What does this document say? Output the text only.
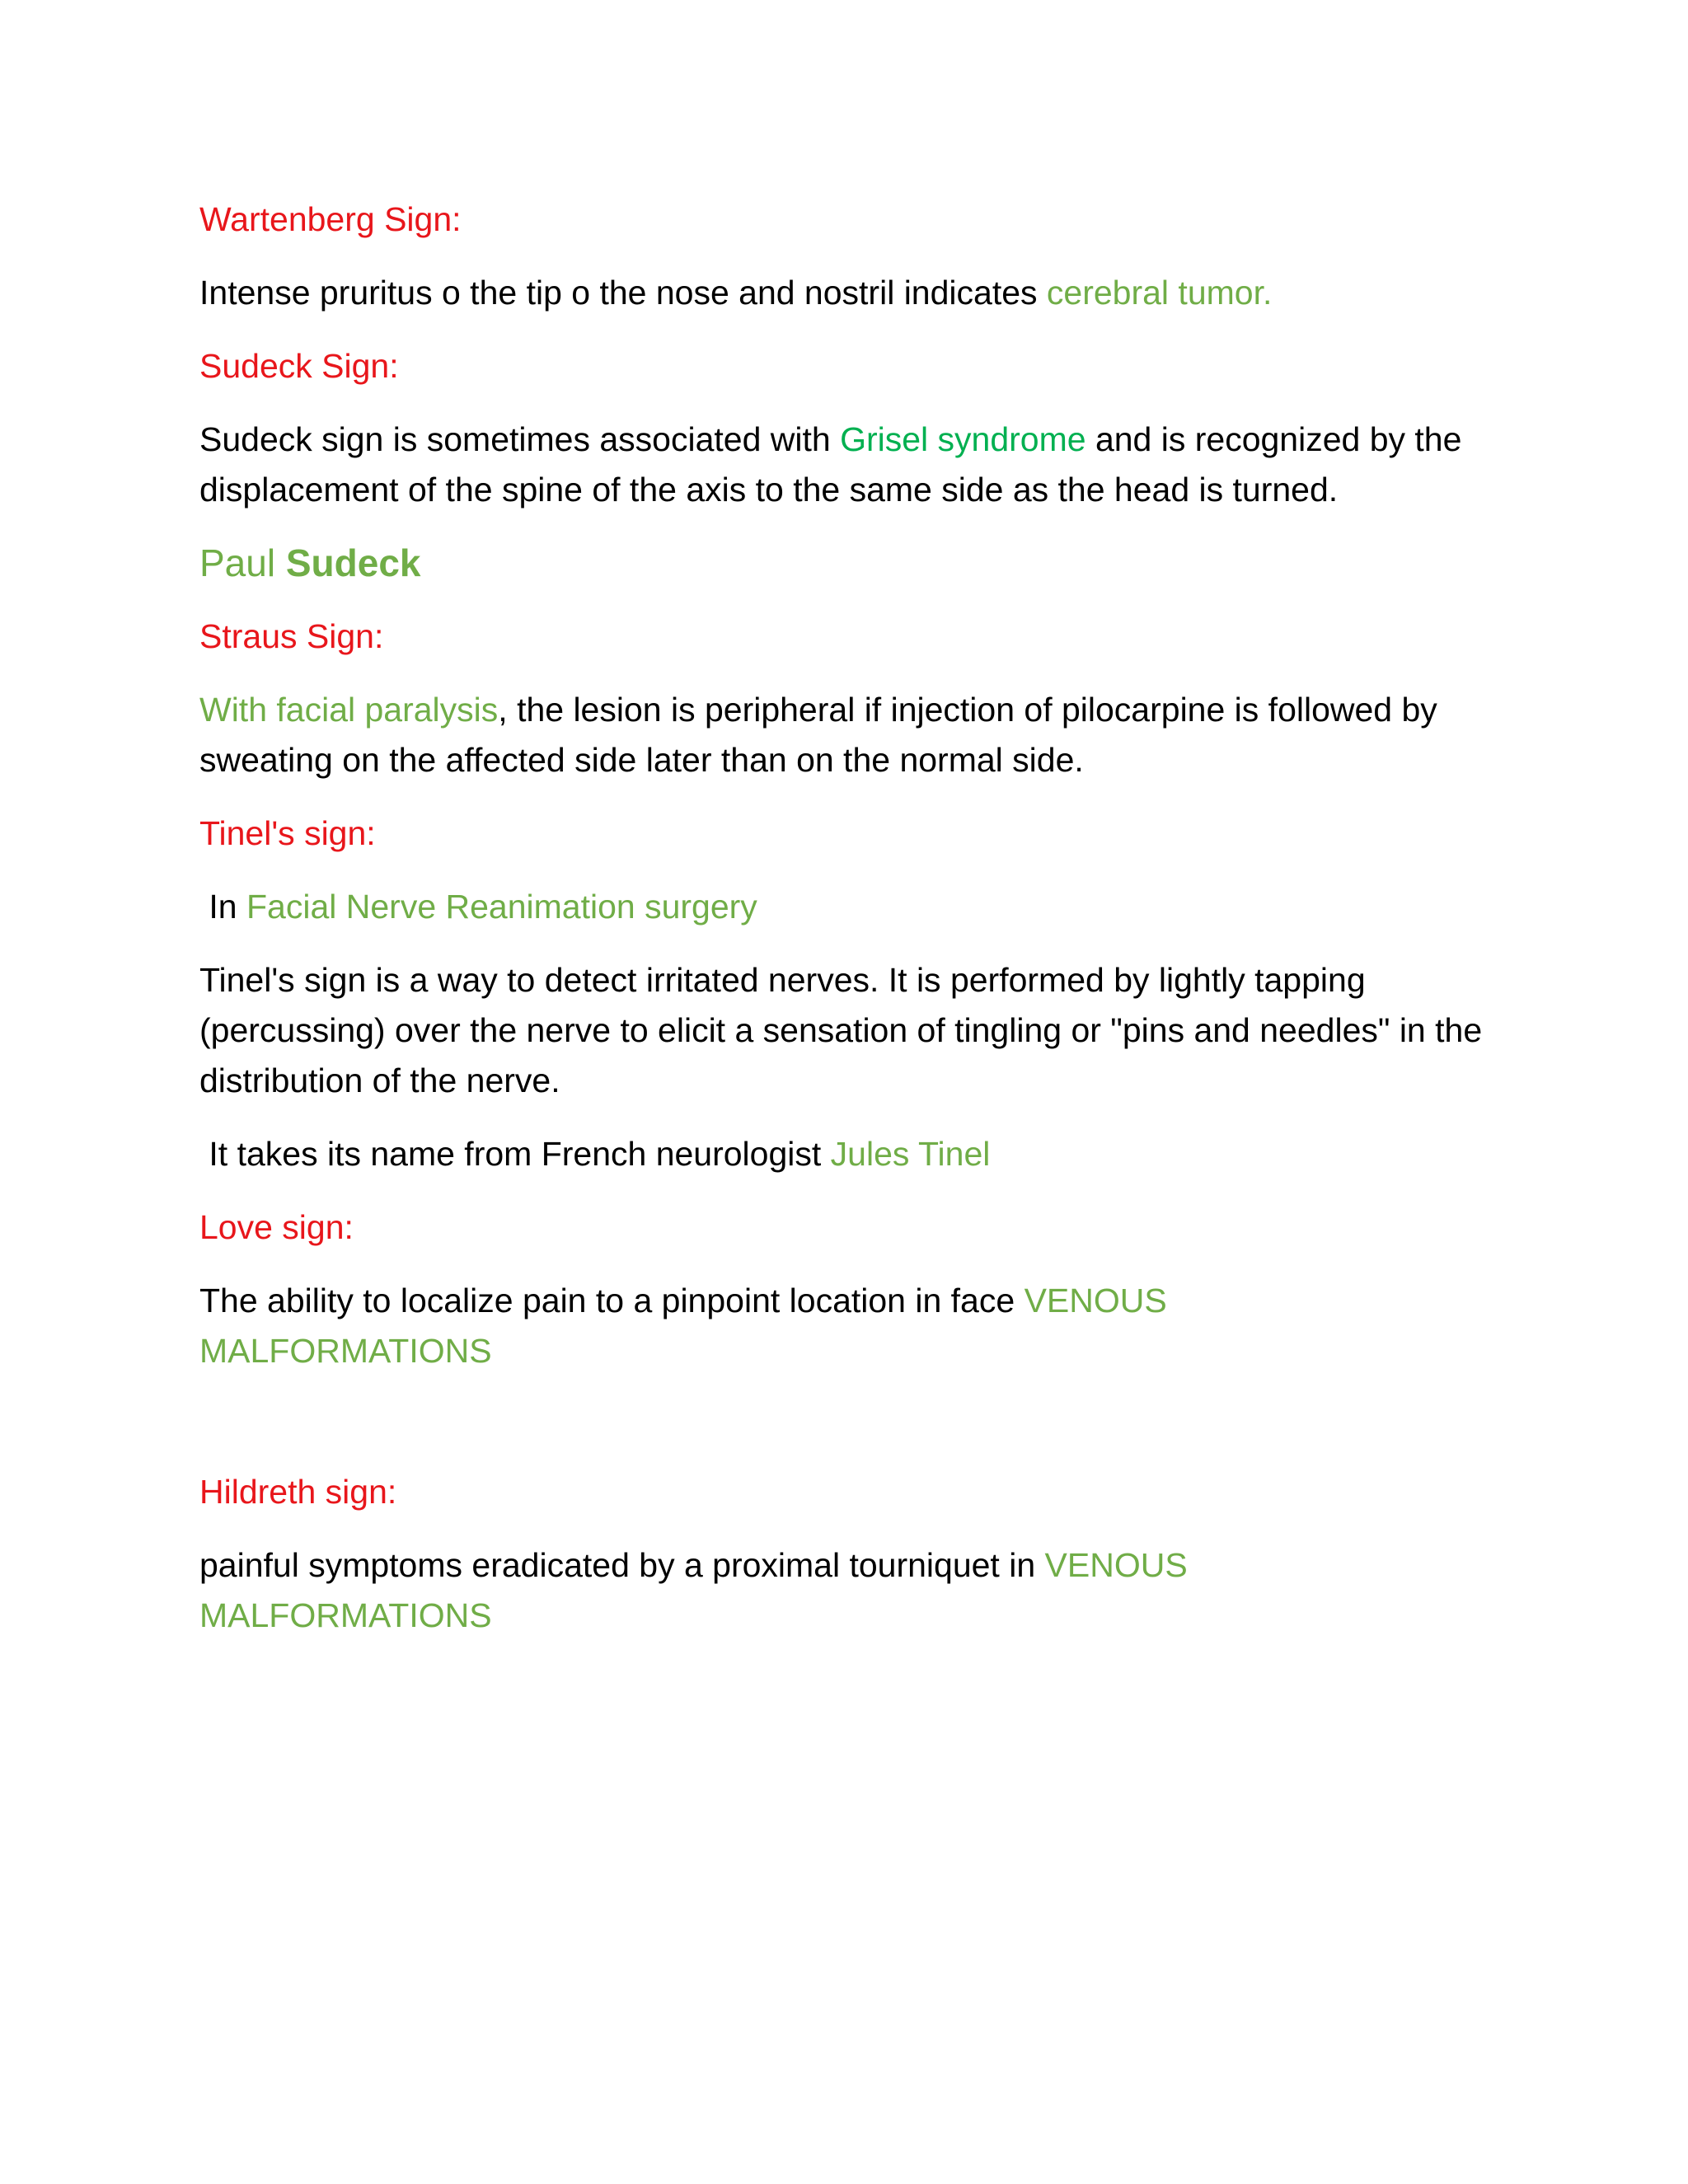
Wartenberg Sign:
Intense pruritus o the tip o the nose and nostril indicates cerebral tumor.
Sudeck Sign:
Sudeck sign is sometimes associated with Grisel syndrome and is recognized by the displacement of the spine of the axis to the same side as the head is turned.
Paul Sudeck
Straus Sign:
With facial paralysis, the lesion is peripheral if injection of pilocarpine is followed by sweating on the affected side later than on the normal side.
Tinel's sign:
In Facial Nerve Reanimation surgery
Tinel's sign is a way to detect irritated nerves. It is performed by lightly tapping (percussing) over the nerve to elicit a sensation of tingling or "pins and needles" in the distribution of the nerve.
It takes its name from French neurologist Jules Tinel
Love sign:
The ability to localize pain to a pinpoint location in face VENOUS MALFORMATIONS
Hildreth sign:
painful symptoms eradicated by a proximal tourniquet in VENOUS MALFORMATIONS
